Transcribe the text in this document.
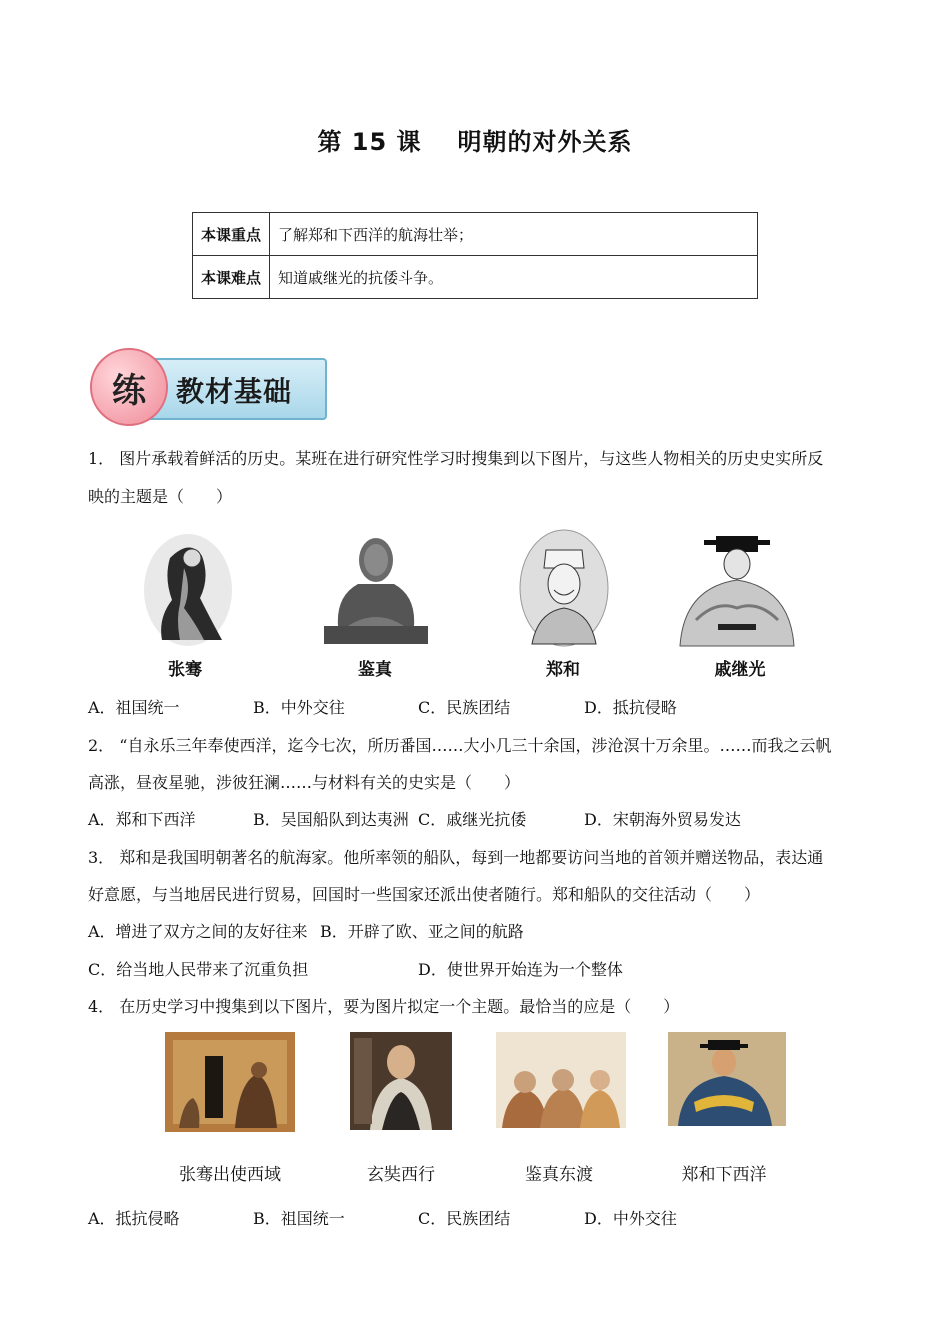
第 15 课 明朝的对外关系
本课重点	了解郑和下西洋的航海壮举；
本课难点	知道戚继光的抗倭斗争。
练	教材基础
1． 图片承载着鲜活的历史。某班在进行研究性学习时搜集到以下图片，与这些人物相关的历史史实所反
映的主题是（　　）
张骞	鉴真	郑和	戚继光
A．祖国统一	B．中外交往	C．民族团结	D．抵抗侵略
2． “自永乐三年奉使西洋，迄今七次，所历番国……大小几三十余国，涉沧溟十万余里。……而我之云帆
高涨，昼夜星驰，涉彼狂澜……与材料有关的史实是（　　）
A．郑和下西洋	B．吴国船队到达夷洲 C．戚继光抗倭	D．宋朝海外贸易发达
3． 郑和是我国明朝著名的航海家。他所率领的船队，每到一地都要访问当地的首领并赠送物品，表达通
好意愿，与当地居民进行贸易，回国时一些国家还派出使者随行。郑和船队的交往活动（　　）
A．增进了双方之间的友好往来 B．开辟了欧、亚之间的航路
C．给当地人民带来了沉重负担	D．使世界开始连为一个整体
4． 在历史学习中搜集到以下图片，要为图片拟定一个主题。最恰当的应是（　　）
张骞出使西域	玄奘西行	鉴真东渡	郑和下西洋
A．抵抗侵略	B．祖国统一	C．民族团结	D．中外交往
